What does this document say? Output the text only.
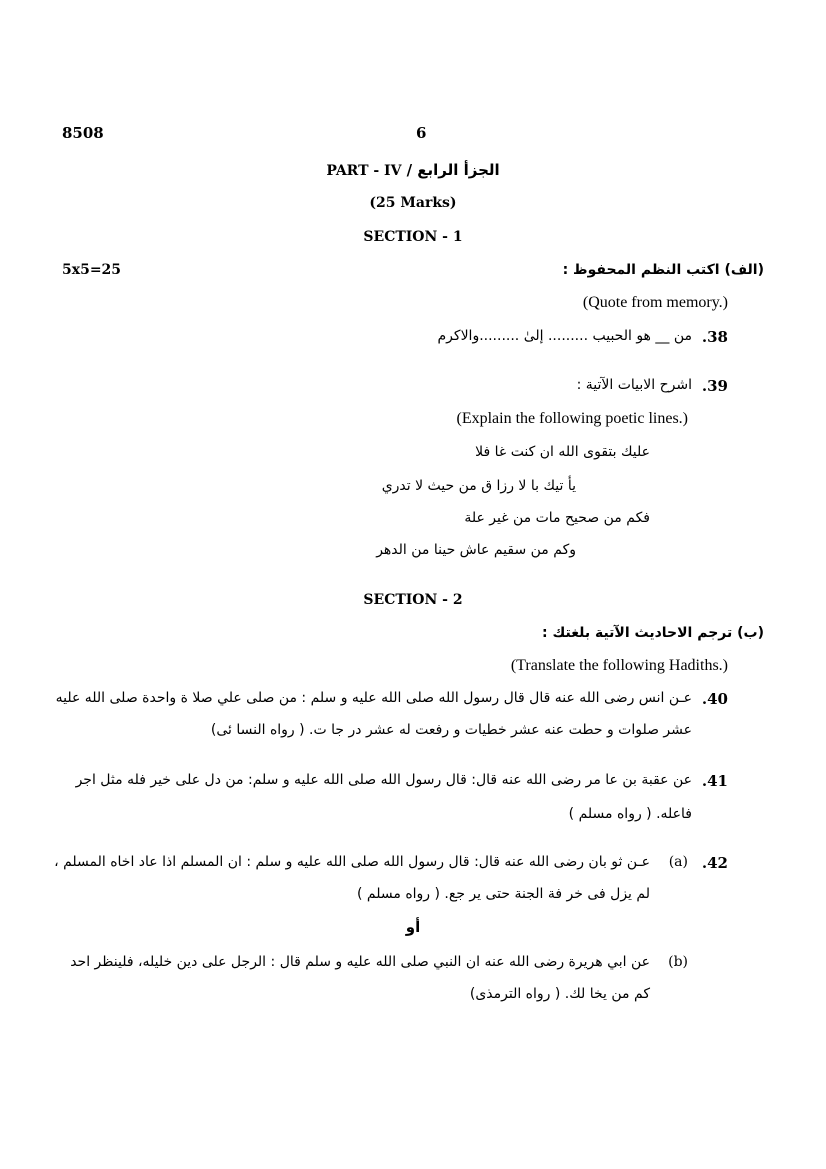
8508	6
PART - IV الجزأ الرابع /
(25 Marks)
SECTION - 1
5x5=25	(الف) اكتب النظم المحفوظ :
(Quote from memory.)
.38
من __ هو الحبيب ......... إلىٰ .........والاكرم
.39
اشرح الابيات الآتية :
(Explain the following poetic lines.)
عليك بتقوى الله ان كنت غا فلا
يأ تيك با لا رزا ق من حيث لا تدري
فكم من صحيح مات من غير علة
وكم من سقيم عاش حينا من الدهر
SECTION - 2
(ب) ترجم الاحاديث الآتية بلغتك :
(Translate the following Hadiths.)
.40
عـن انس رضى الله عنه قال قال رسول الله صلى الله عليه و سلم : من صلى علي صلا ة واحدة صلى الله عليه
عشر صلوات و حطت عنه عشر خطيات و رفعت له عشر در جا ت. ( رواه النسا ئى)
.41
عن عقبة بن عا مر رضى الله عنه قال: قال رسول الله صلى الله عليه و سلم: من دل على خير فله مثل اجر
فاعله. ( رواه مسلم )
.42
(a)
عـن ثو بان رضى الله عنه قال: قال رسول الله صلى الله عليه و سلم : ان المسلم اذا عاد اخاه المسلم ،
لم يزل فى خر فة الجنة حتى ير جع. ( رواه مسلم )
أو
(b)
عن ابي هريرة رضى الله عنه ان النبي صلى الله عليه و سلم قال : الرجل على دين خليله، فلينظر احد
كم من يخا لك. ( رواه الترمذى)
